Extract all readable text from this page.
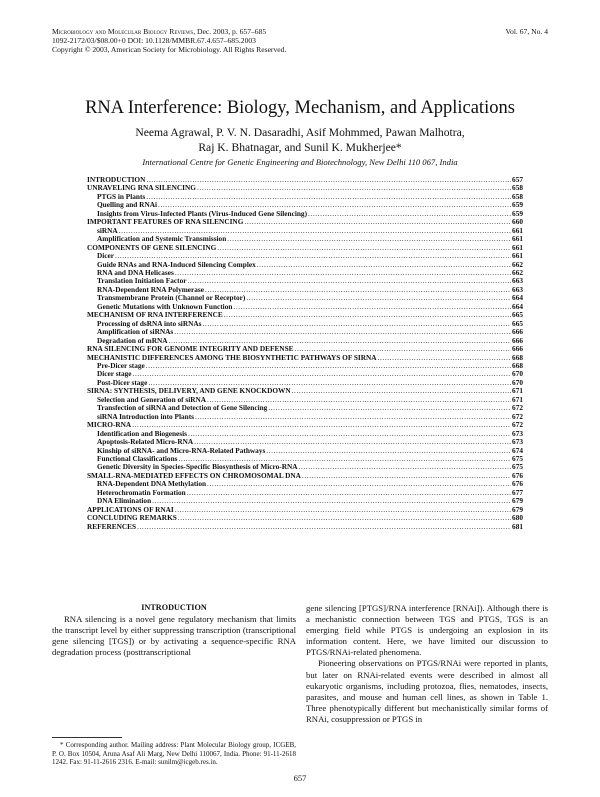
Microbiology and Molecular Biology Reviews, Dec. 2003, p. 657–685
1092-2172/03/$08.00+0 DOI: 10.1128/MMBR.67.4.657–685.2003
Copyright © 2003, American Society for Microbiology. All Rights Reserved.
Vol. 67, No. 4
RNA Interference: Biology, Mechanism, and Applications
Neema Agrawal, P. V. N. Dasaradhi, Asif Mohmmed, Pawan Malhotra,
Raj K. Bhatnagar, and Sunil K. Mukherjee*
International Centre for Genetic Engineering and Biotechnology, New Delhi 110 067, India
INTRODUCTION .....	657
UNRAVELING RNA SILENCING .....	658
PTGS in Plants .....	658
Quelling and RNAi .....	659
Insights from Virus-Infected Plants (Virus-Induced Gene Silencing) .....	659
IMPORTANT FEATURES OF RNA SILENCING .....	660
siRNA .....	661
Amplification and Systemic Transmission .....	661
COMPONENTS OF GENE SILENCING .....	661
Dicer .....	661
Guide RNAs and RNA-Induced Silencing Complex .....	662
RNA and DNA Helicases .....	662
Translation Initiation Factor .....	663
RNA-Dependent RNA Polymerase .....	663
Transmembrane Protein (Channel or Receptor) .....	664
Genetic Mutations with Unknown Function .....	664
MECHANISM OF RNA INTERFERENCE .....	665
Processing of dsRNA into siRNAs .....	665
Amplification of siRNAs .....	666
Degradation of mRNA .....	666
RNA SILENCING FOR GENOME INTEGRITY AND DEFENSE .....	666
MECHANISTIC DIFFERENCES AMONG THE BIOSYNTHETIC PATHWAYS OF SIRNA .....	668
Pre-Dicer stage .....	668
Dicer stage .....	670
Post-Dicer stage .....	670
SIRNA: SYNTHESIS, DELIVERY, AND GENE KNOCKDOWN .....	671
Selection and Generation of siRNA .....	671
Transfection of siRNA and Detection of Gene Silencing .....	672
siRNA Introduction into Plants .....	672
MICRO-RNA .....	672
Identification and Biogenesis .....	673
Apoptosis-Related Micro-RNA .....	673
Kinship of siRNA- and Micro-RNA-Related Pathways .....	674
Functional Classifications .....	675
Genetic Diversity in Species-Specific Biosynthesis of Micro-RNA .....	675
SMALL-RNA-MEDIATED EFFECTS ON CHROMOSOMAL DNA .....	676
RNA-Dependent DNA Methylation .....	676
Heterochromatin Formation .....	677
DNA Elimination .....	679
APPLICATIONS OF RNAI .....	679
CONCLUDING REMARKS .....	680
REFERENCES .....	681
INTRODUCTION

RNA silencing is a novel gene regulatory mechanism that limits the transcript level by either suppressing transcription (transcriptional gene silencing [TGS]) or by activating a sequence-specific RNA degradation process (posttranscriptional

gene silencing [PTGS]/RNA interference [RNAi]). Although there is a mechanistic connection between TGS and PTGS, TGS is an emerging field while PTGS is undergoing an explosion in its information content. Here, we have limited our discussion to PTGS/RNAi-related phenomena.

Pioneering observations on PTGS/RNAi were reported in plants, but later on RNAi-related events were described in almost all eukaryotic organisms, including protozoa, flies, nematodes, insects, parasites, and mouse and human cell lines, as shown in Table 1. Three phenotypically different but mechanistically similar forms of RNAi, cosuppression or PTGS in

* Corresponding author. Mailing address: Plant Molecular Biology group, ICGEB, P. O. Box 10504, Aruna Asaf Ali Marg, New Delhi 110067, India. Phone: 91-11-2618 1242. Fax: 91-11-2616 2316. E-mail: sunilm@icgeb.res.in.
657
